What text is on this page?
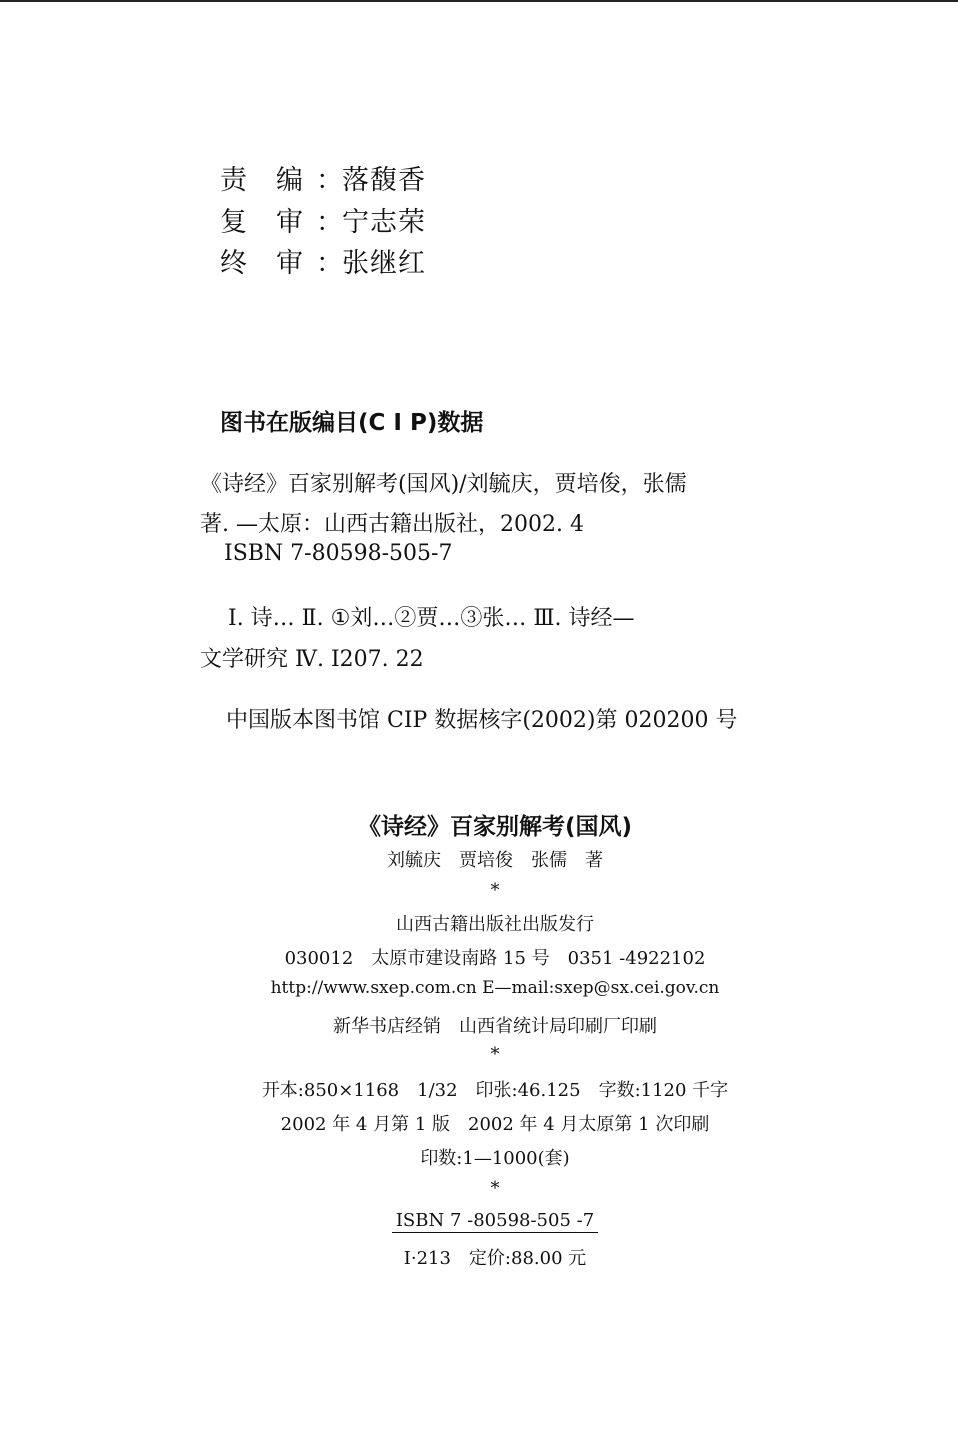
责　编 ：落馥香
复　审 ：宁志荣
终　审 ：张继红
图书在版编目(C I P)数据
《诗经》百家别解考(国风)/刘毓庆，贾培俊，张儒
著. —太原：山西古籍出版社，2002. 4
ISBN 7-80598-505-7
Ⅰ. 诗… Ⅱ. ①刘…②贾…③张… Ⅲ. 诗经—
文学研究 Ⅳ. I207. 22
中国版本图书馆 CIP 数据核字(2002)第 020200 号
《诗经》百家别解考(国风)
刘毓庆　贾培俊　张儒　著
*
山西古籍出版社出版发行
030012　太原市建设南路 15 号　0351 -4922102
http://www.sxep.com.cn E—mail:sxep@sx.cei.gov.cn
新华书店经销　山西省统计局印刷厂印刷
*
开本:850×1168　1/32　印张:46.125　字数:1120 千字
2002 年 4 月第 1 版　2002 年 4 月太原第 1 次印刷
印数:1—1000(套)
*
ISBN 7 -80598-505 -7
Ⅰ·213　定价:88.00 元
